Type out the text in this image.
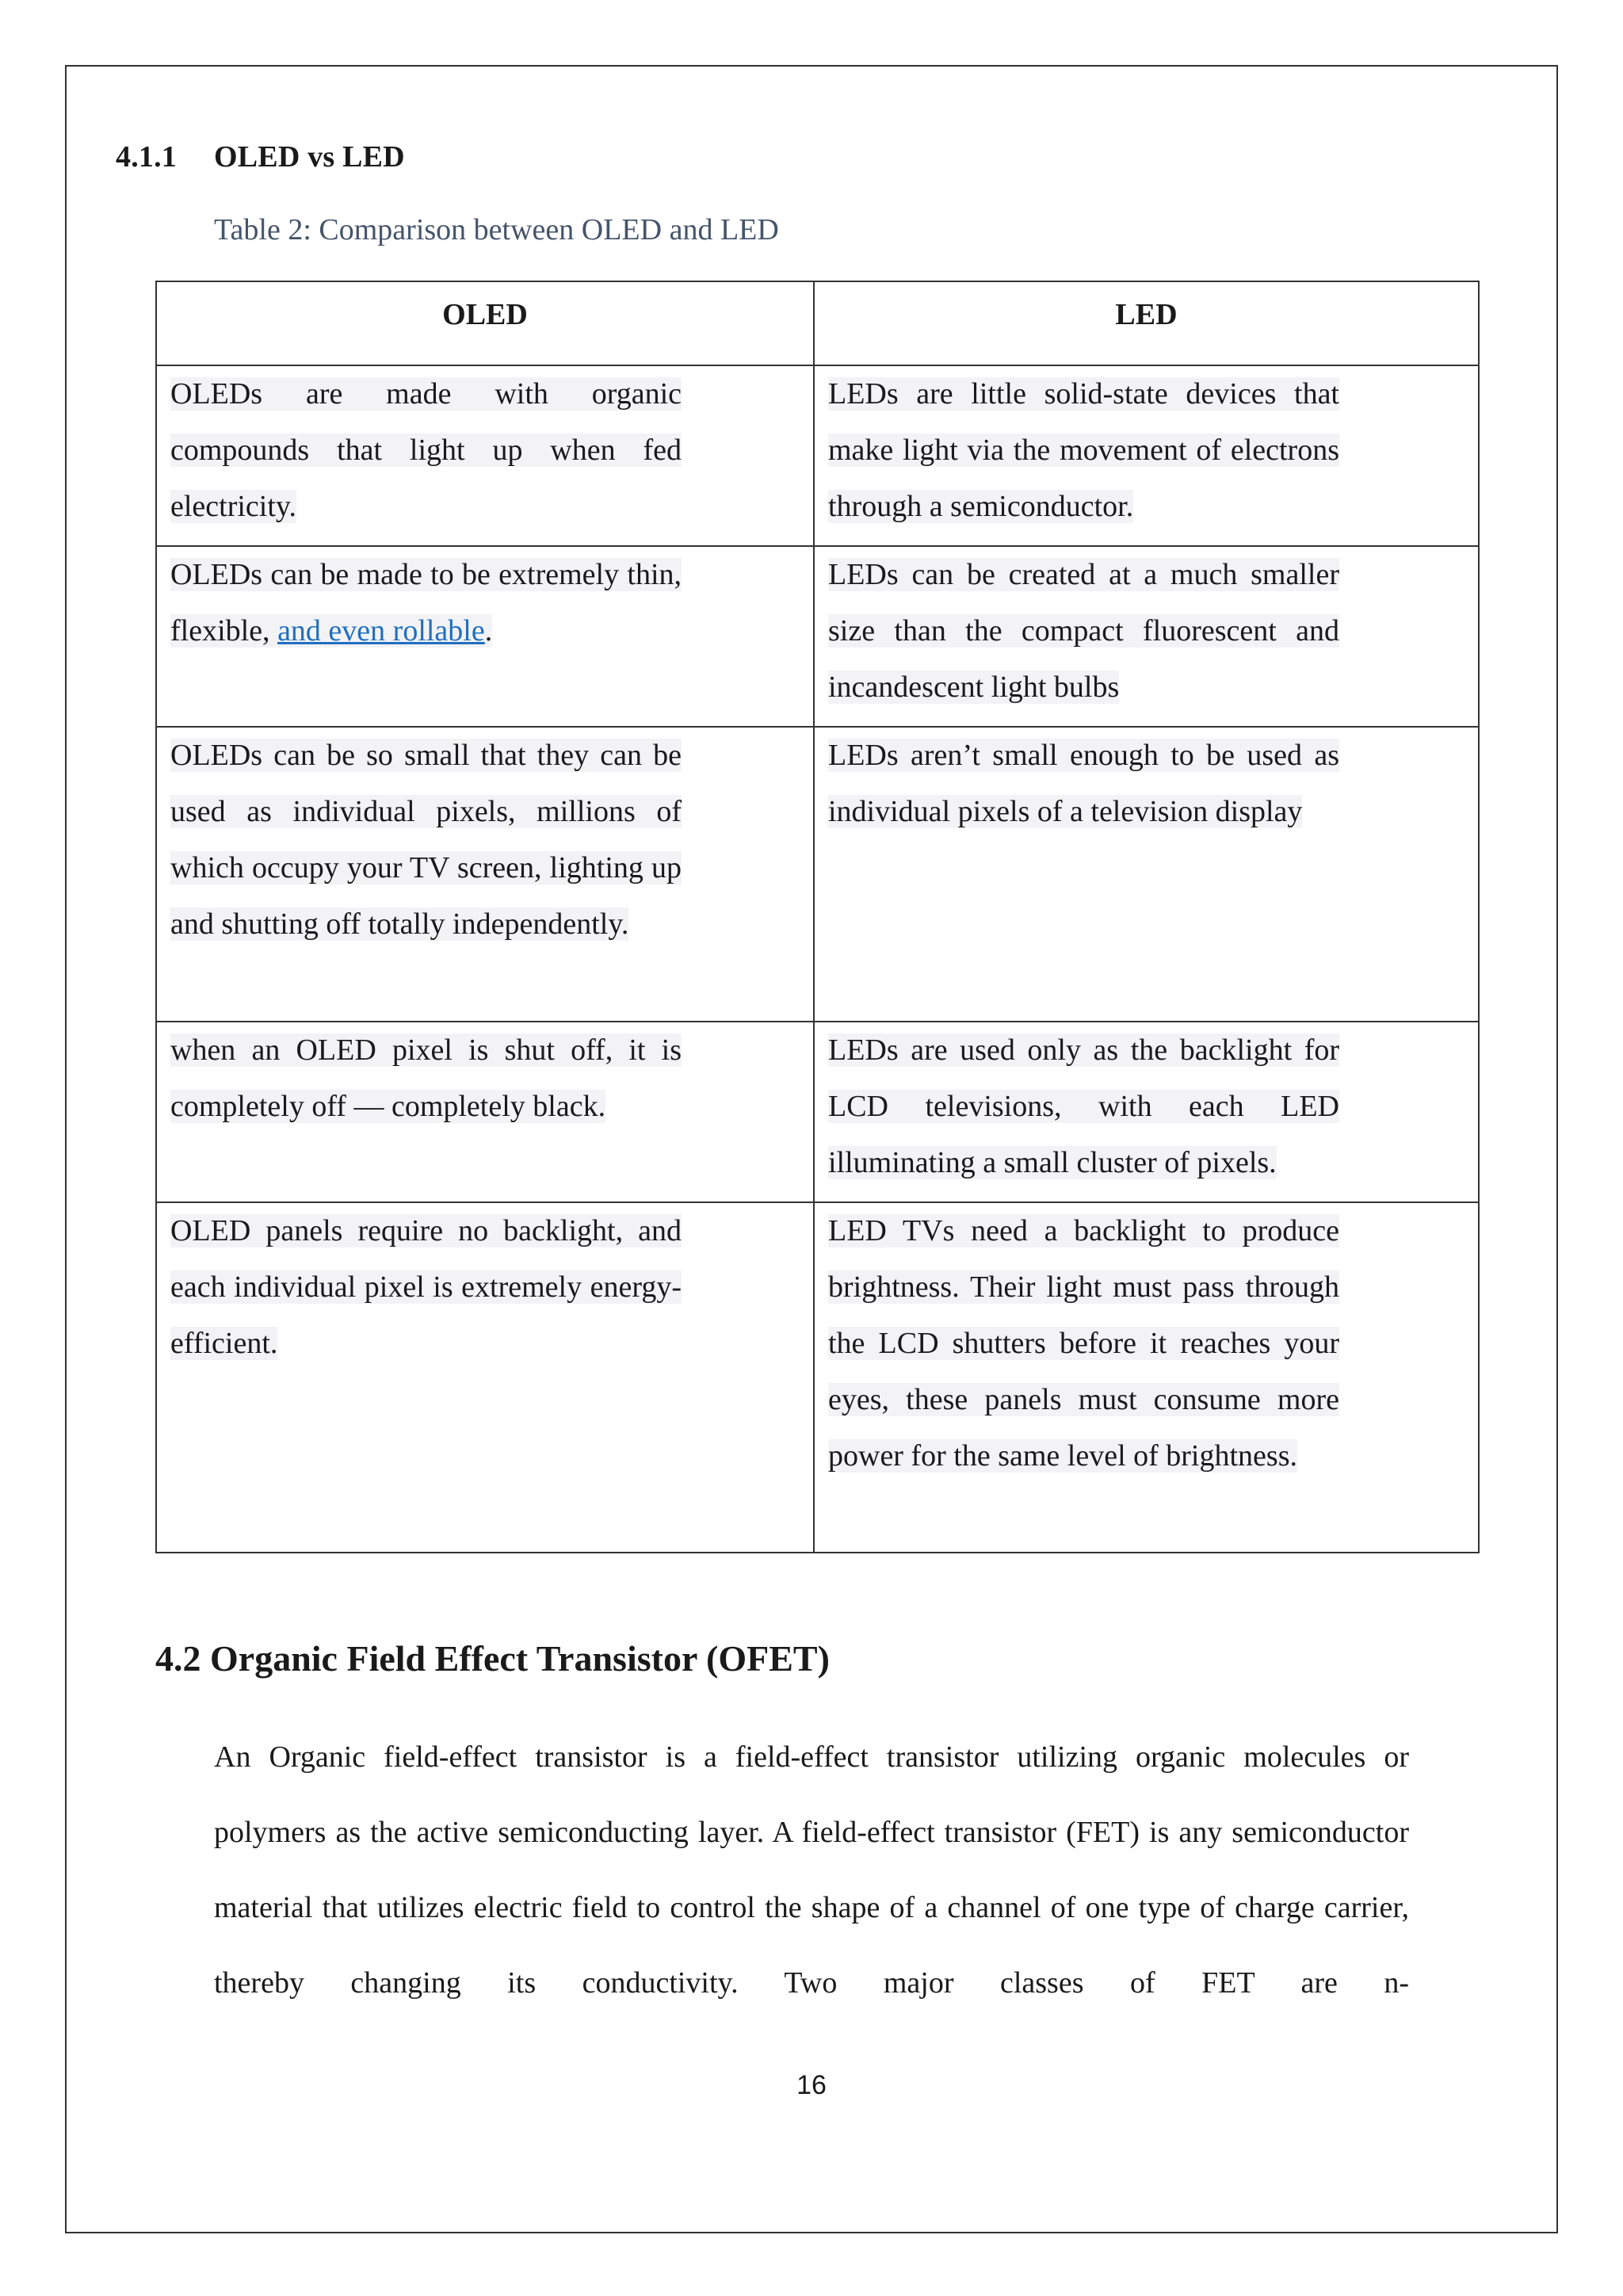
4.1.1 OLED vs LED
Table 2: Comparison between OLED and LED
OLED	LED

OLEDs are made with organic compounds that light up when fed electricity.	LEDs are little solid-state devices that make light via the movement of electrons through a semiconductor.

OLEDs can be made to be extremely thin, flexible, and even rollable.	LEDs can be created at a much smaller size than the compact fluorescent and incandescent light bulbs

OLEDs can be so small that they can be used as individual pixels, millions of which occupy your TV screen, lighting up and shutting off totally independently.	LEDs aren’t small enough to be used as individual pixels of a television display

when an OLED pixel is shut off, it is completely off — completely black.	LEDs are used only as the backlight for LCD televisions, with each LED illuminating a small cluster of pixels.

OLED panels require no backlight, and each individual pixel is extremely energy-efficient.	LED TVs need a backlight to produce brightness. Their light must pass through the LCD shutters before it reaches your eyes, these panels must consume more power for the same level of brightness.
4.2 Organic Field Effect Transistor (OFET)
An Organic field-effect transistor is a field-effect transistor utilizing organic molecules or polymers as the active semiconducting layer. A field-effect transistor (FET) is any semiconductor material that utilizes electric field to control the shape of a channel of one type of charge carrier, thereby changing its conductivity. Two major classes of FET are n-
16
